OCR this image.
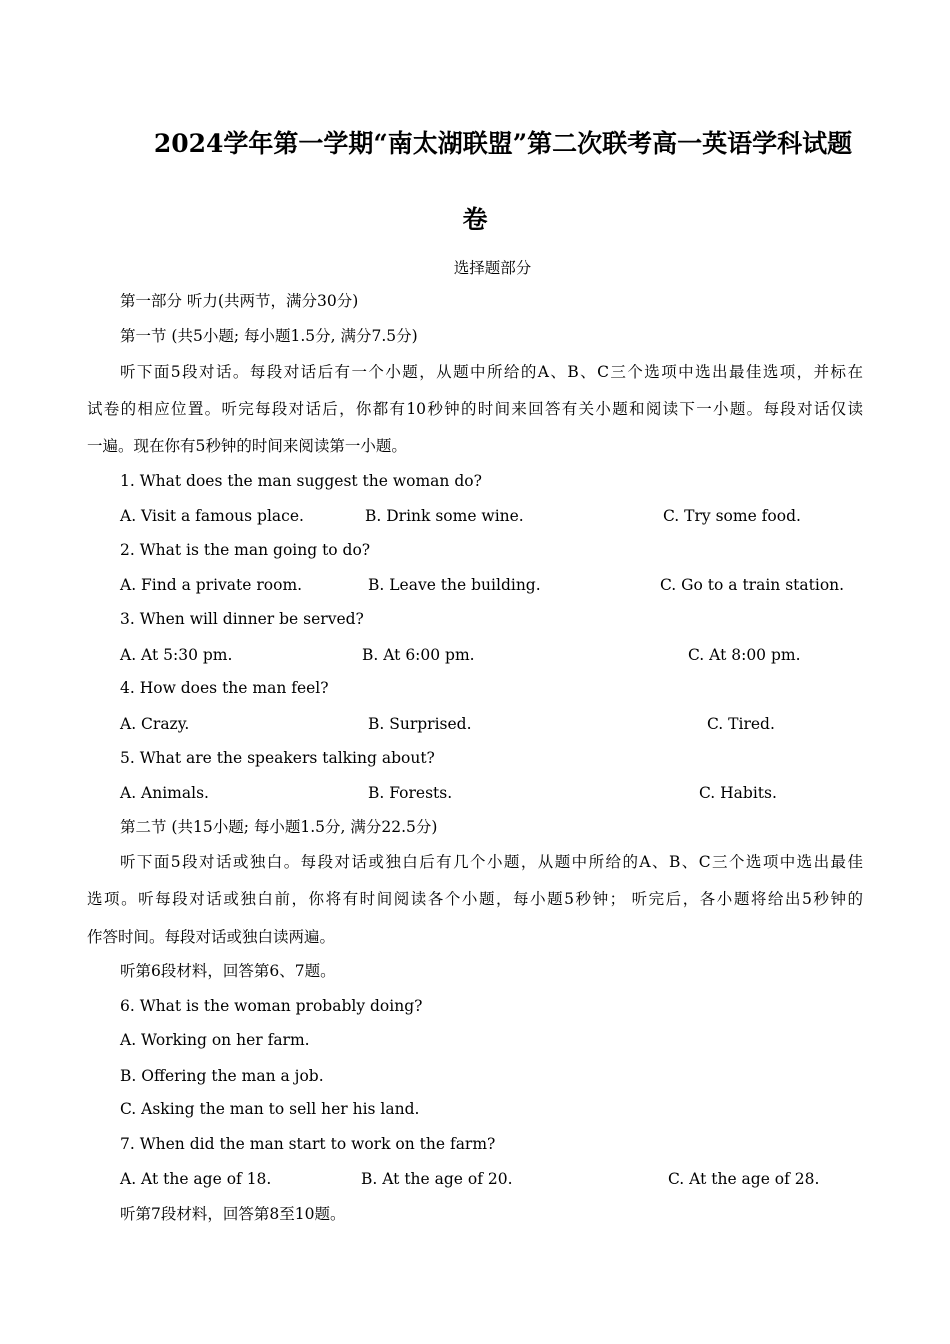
2024学年第一学期“南太湖联盟”第二次联考高一英语学科试题
卷
选择题部分
第一部分 听力(共两节，满分30分)
第一节 (共5小题; 每小题1.5分, 满分7.5分)
听下面5段对话。每段对话后有一个小题，从题中所给的A、B、C三个选项中选出最佳选项，并标在
试卷的相应位置。听完每段对话后，你都有10秒钟的时间来回答有关小题和阅读下一小题。每段对话仅读
一遍。现在你有5秒钟的时间来阅读第一小题。
1. What does the man suggest the woman do?
A. Visit a famous place.	B. Drink some wine.	C. Try some food.
2. What is the man going to do?
A. Find a private room.	B. Leave the building.	C. Go to a train station.
3. When will dinner be served?
A. At 5:30 pm.	B. At 6:00 pm.	C. At 8:00 pm.
4. How does the man feel?
A. Crazy.	B. Surprised.	C. Tired.
5. What are the speakers talking about?
A. Animals.	B. Forests.	C. Habits.
第二节 (共15小题; 每小题1.5分, 满分22.5分)
听下面5段对话或独白。每段对话或独白后有几个小题，从题中所给的A、B、C三个选项中选出最佳
选项。听每段对话或独白前，你将有时间阅读各个小题，每小题5秒钟； 听完后，各小题将给出5秒钟的
作答时间。每段对话或独白读两遍。
听第6段材料，回答第6、7题。
6. What is the woman probably doing?
A. Working on her farm.
B. Offering the man a job.
C. Asking the man to sell her his land.
7. When did the man start to work on the farm?
A. At the age of 18.	B. At the age of 20.	C. At the age of 28.
听第7段材料，回答第8至10题。
